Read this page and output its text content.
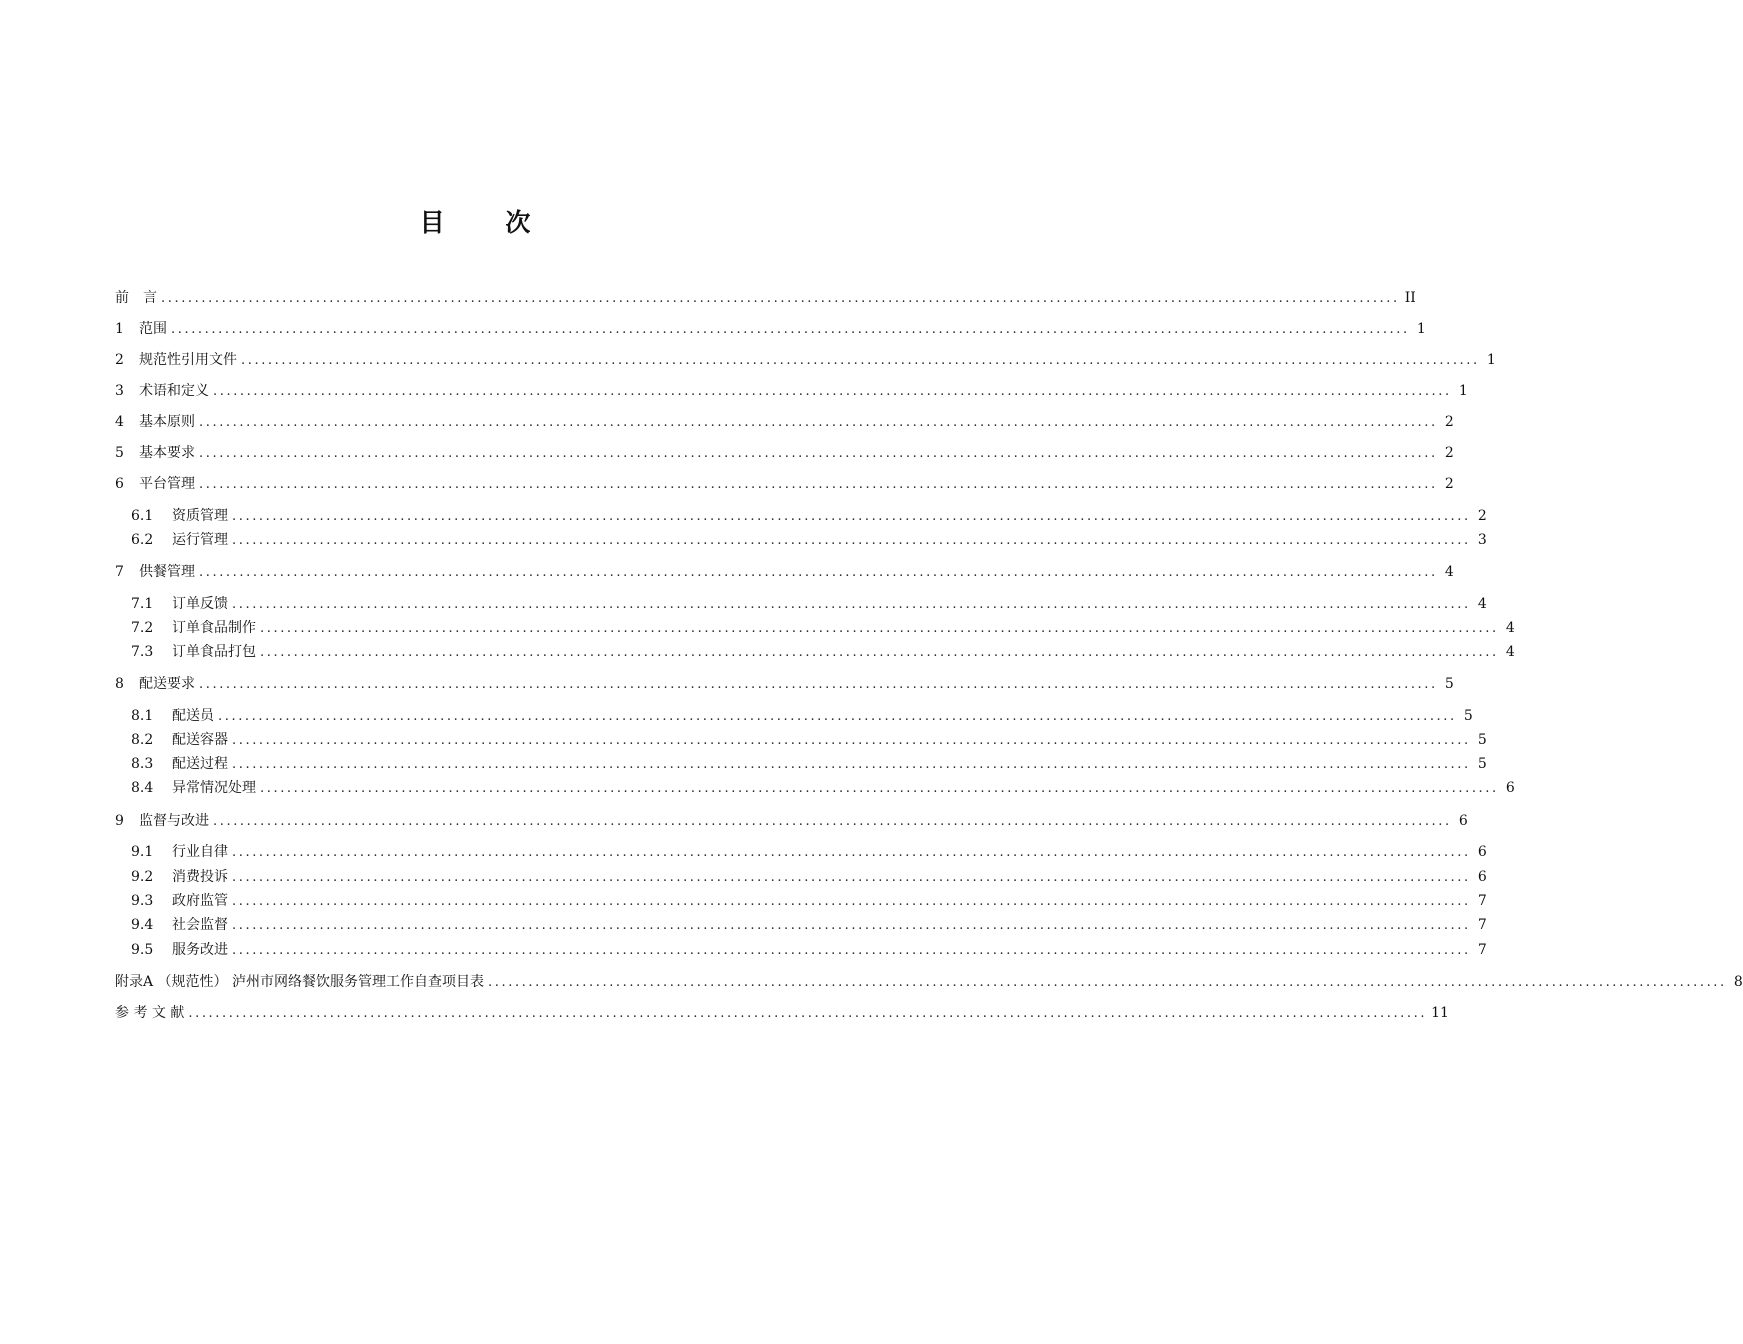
目 次
前　言 ........................................................................................................................................................................................ II
1	范围 ........................................................................................................................................................................................ 1
2	规范性引用文件 ........................................................................................................................................................................................ 1
3	术语和定义 ........................................................................................................................................................................................ 1
4	基本原则 ........................................................................................................................................................................................ 2
5	基本要求 ........................................................................................................................................................................................ 2
6	平台管理 ........................................................................................................................................................................................ 2
6.1	资质管理 ........................................................................................................................................................................................ 2
6.2	运行管理 ........................................................................................................................................................................................ 3
7	供餐管理 ........................................................................................................................................................................................ 4
7.1	订单反馈 ........................................................................................................................................................................................ 4
7.2	订单食品制作 ........................................................................................................................................................................................ 4
7.3	订单食品打包 ........................................................................................................................................................................................ 4
8	配送要求 ........................................................................................................................................................................................ 5
8.1	配送员 ........................................................................................................................................................................................ 5
8.2	配送容器 ........................................................................................................................................................................................ 5
8.3	配送过程 ........................................................................................................................................................................................ 5
8.4	异常情况处理 ........................................................................................................................................................................................ 6
9	监督与改进 ........................................................................................................................................................................................ 6
9.1	行业自律 ........................................................................................................................................................................................ 6
9.2	消费投诉 ........................................................................................................................................................................................ 6
9.3	政府监管 ........................................................................................................................................................................................ 7
9.4	社会监督 ........................................................................................................................................................................................ 7
9.5	服务改进 ........................................................................................................................................................................................ 7
附录A （规范性） 泸州市网络餐饮服务管理工作自查项目表 ........................................................................................................................................................................................ 8
参 考 文 献 ........................................................................................................................................................................................ 11
